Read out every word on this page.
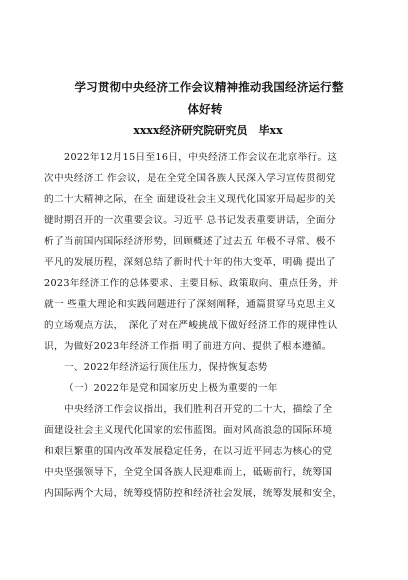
学习贯彻中央经济工作会议精神推动我国经济运行整
体好转
xxxx经济研究院研究员　毕xx
2022年12月15日至16日，中央经济工作会议在北京举行。这
次中央经济工 作会议，是在全党全国各族人民深入学习宣传贯彻党
的二十大精神之际，在全 面建设社会主义现代化国家开局起步的关
键时期召开的一次重要会议。习近平 总书记发表重要讲话，全面分
析了当前国内国际经济形势，回顾概述了过去五 年极不寻常、极不
平凡的发展历程，深刻总结了新时代十年的伟大变革，明确 提出了
2023年经济工作的总体要求、主要目标、政策取向、重点任务，并
就一 些重大理论和实践问题进行了深刻阐释，通篇贯穿马克思主义
的立场观点方法，　深化了对在严峻挑战下做好经济工作的规律性认
识，为做好2023年经济工作指 明了前进方向、提供了根本遵循。
一、2022年经济运行顶住压力，保持恢复态势
（一）2022年是党和国家历史上极为重要的一年
中央经济工作会议指出，我们胜利召开党的二十大，描绘了全
面建设社会主义现代化国家的宏伟蓝图。面对风高浪急的国际环境
和艰巨繁重的国内改革发展稳定任务，在以习近平同志为核心的党
中央坚强领导下，全党全国各族人民迎难而上，砥砺前行，统筹国
内国际两个大局，统筹疫情防控和经济社会发展，统筹发展和安全，
